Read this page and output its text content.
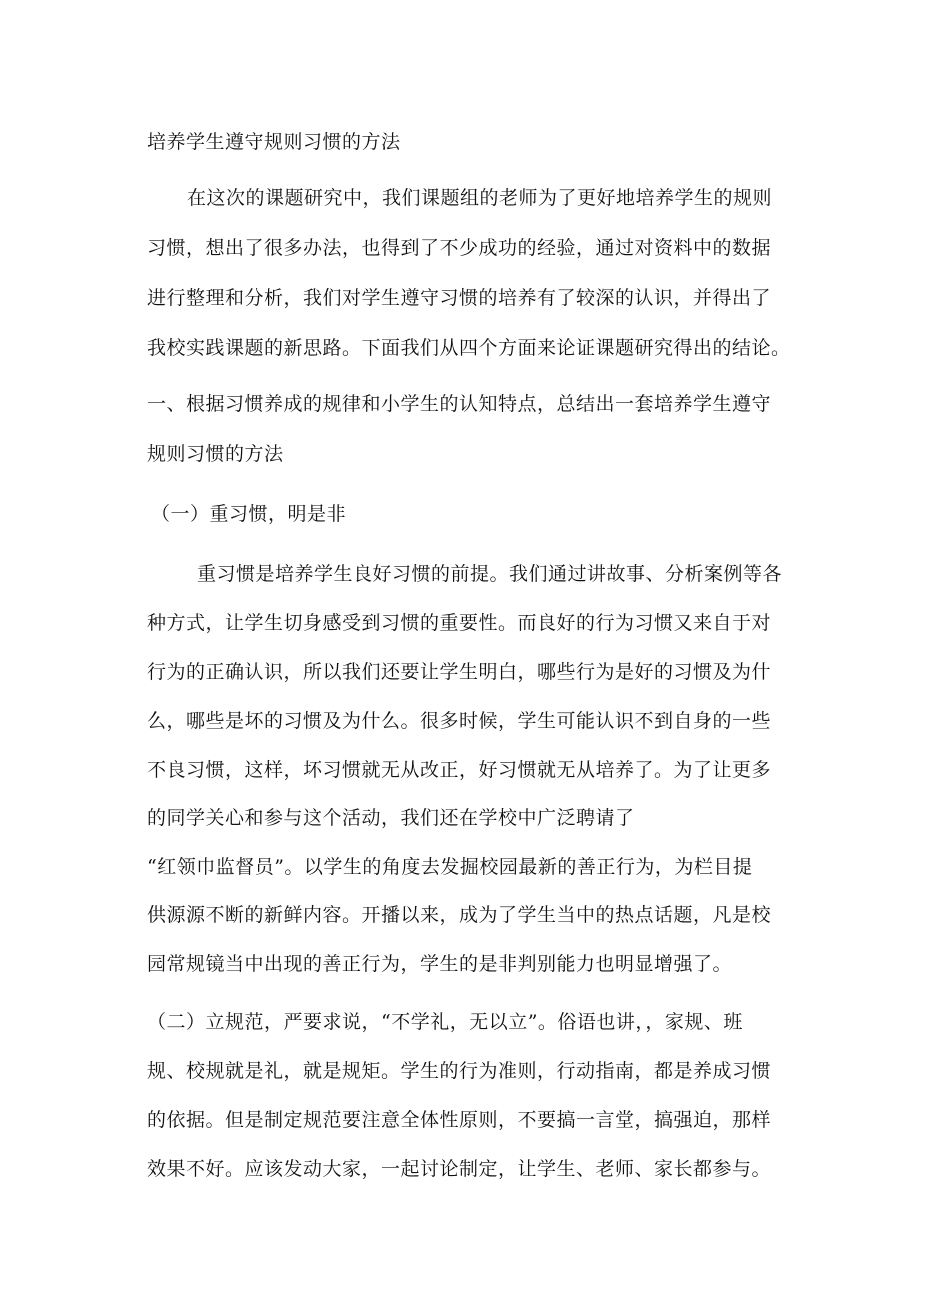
培养学生遵守规则习惯的方法
在这次的课题研究中，我们课题组的老师为了更好地培养学生的规则
习惯，想出了很多办法，也得到了不少成功的经验，通过对资料中的数据
进行整理和分析，我们对学生遵守习惯的培养有了较深的认识，并得出了
我校实践课题的新思路。下面我们从四个方面来论证课题研究得出的结论。
一、根据习惯养成的规律和小学生的认知特点，总结出一套培养学生遵守
规则习惯的方法
（一）重习惯，明是非
重习惯是培养学生良好习惯的前提。我们通过讲故事、分析案例等各
种方式，让学生切身感受到习惯的重要性。而良好的行为习惯又来自于对
行为的正确认识，所以我们还要让学生明白，哪些行为是好的习惯及为什
么，哪些是坏的习惯及为什么。很多时候，学生可能认识不到自身的一些
不良习惯，这样，坏习惯就无从改正，好习惯就无从培养了。为了让更多
的同学关心和参与这个活动，我们还在学校中广泛聘请了
“红领巾监督员”。以学生的角度去发掘校园最新的善正行为，为栏目提
供源源不断的新鲜内容。开播以来，成为了学生当中的热点话题，凡是校
园常规镜当中出现的善正行为，学生的是非判别能力也明显增强了。
（二）立规范，严要求说，“不学礼，无以立”。俗语也讲，，家规、班
规、校规就是礼，就是规矩。学生的行为准则，行动指南，都是养成习惯
的依据。但是制定规范要注意全体性原则，不要搞一言堂，搞强迫，那样
效果不好。应该发动大家，一起讨论制定，让学生、老师、家长都参与。
